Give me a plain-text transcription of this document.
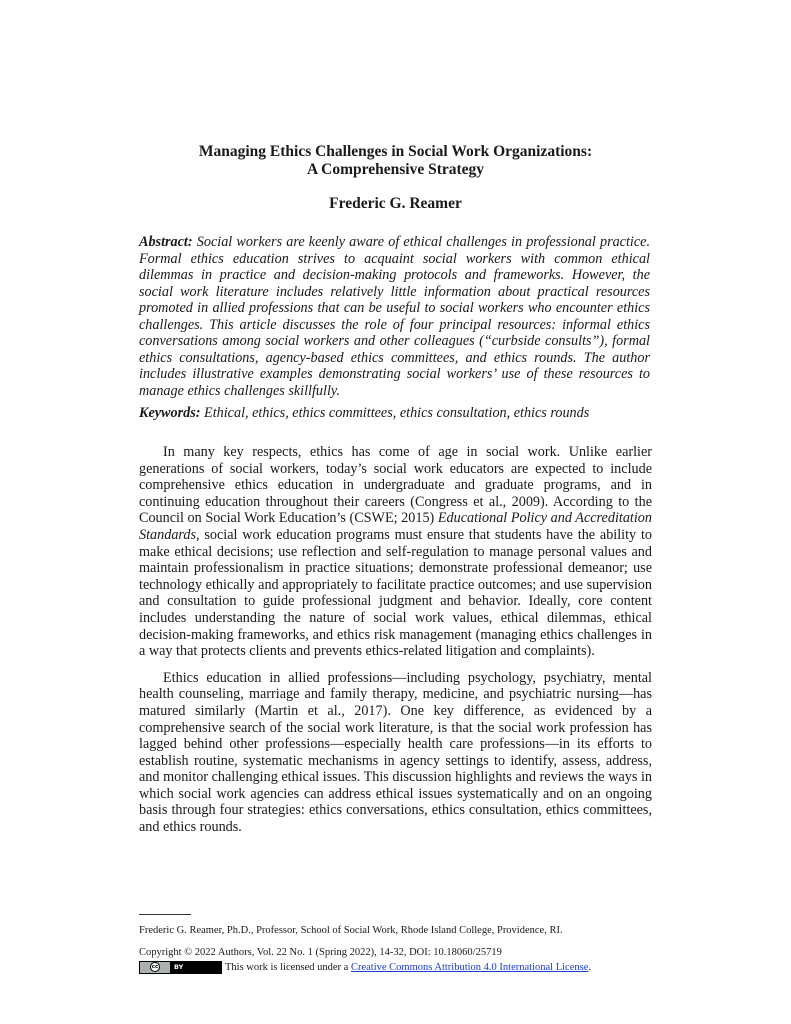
Managing Ethics Challenges in Social Work Organizations:
A Comprehensive Strategy
Frederic G. Reamer
Abstract: Social workers are keenly aware of ethical challenges in professional practice. Formal ethics education strives to acquaint social workers with common ethical dilemmas in practice and decision-making protocols and frameworks. However, the social work literature includes relatively little information about practical resources promoted in allied professions that can be useful to social workers who encounter ethics challenges. This article discusses the role of four principal resources: informal ethics conversations among social workers and other colleagues (“curbside consults”), formal ethics consultations, agency-based ethics committees, and ethics rounds. The author includes illustrative examples demonstrating social workers’ use of these resources to manage ethics challenges skillfully.
Keywords: Ethical, ethics, ethics committees, ethics consultation, ethics rounds

In many key respects, ethics has come of age in social work. Unlike earlier generations of social workers, today’s social work educators are expected to include comprehensive ethics education in undergraduate and graduate programs, and in continuing education throughout their careers (Congress et al., 2009). According to the Council on Social Work Education’s (CSWE; 2015) Educational Policy and Accreditation Standards, social work education programs must ensure that students have the ability to make ethical decisions; use reflection and self-regulation to manage personal values and maintain professionalism in practice situations; demonstrate professional demeanor; use technology ethically and appropriately to facilitate practice outcomes; and use supervision and consultation to guide professional judgment and behavior. Ideally, core content includes understanding the nature of social work values, ethical dilemmas, ethical decision-making frameworks, and ethics risk management (managing ethics challenges in a way that protects clients and prevents ethics-related litigation and complaints).

Ethics education in allied professions—including psychology, psychiatry, mental health counseling, marriage and family therapy, medicine, and psychiatric nursing—has matured similarly (Martin et al., 2017). One key difference, as evidenced by a comprehensive search of the social work literature, is that the social work profession has lagged behind other professions—especially health care professions—in its efforts to establish routine, systematic mechanisms in agency settings to identify, assess, address, and monitor challenging ethical issues. This discussion highlights and reviews the ways in which social work agencies can address ethical issues systematically and on an ongoing basis through four strategies: ethics conversations, ethics consultation, ethics committees, and ethics rounds.

Frederic G. Reamer, Ph.D., Professor, School of Social Work, Rhode Island College, Providence, RI.
Copyright © 2022 Authors, Vol. 22 No. 1 (Spring 2022), 14-32, DOI: 10.18060/25719
cc	BY	This work is licensed under a Creative Commons Attribution 4.0 International License .
